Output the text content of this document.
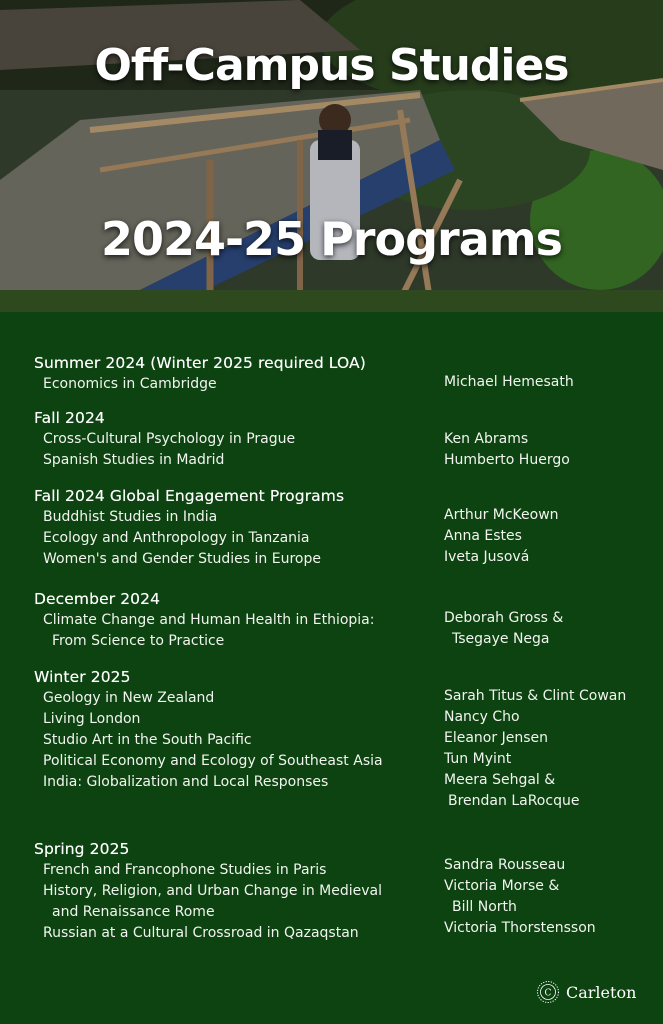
Off-Campus Studies
2024-25 Programs
Summer 2024 (Winter 2025 required LOA)
Economics in Cambridge	Michael Hemesath
Fall 2024
Cross-Cultural Psychology in Prague	Ken Abrams
Spanish Studies in Madrid	Humberto Huergo
Fall 2024 Global Engagement Programs
Buddhist Studies in India	Arthur McKeown
Ecology and Anthropology in Tanzania	Anna Estes
Women's and Gender Studies in Europe	Iveta Jusová
December 2024
Climate Change and Human Health in Ethiopia:	Deborah Gross &
From Science to Practice	Tsegaye Nega
Winter 2025
Geology in New Zealand	Sarah Titus & Clint Cowan
Living London	Nancy Cho
Studio Art in the South Pacific	Eleanor Jensen
Political Economy and Ecology of Southeast Asia	Tun Myint
India: Globalization and Local Responses	Meera Sehgal &
Brendan LaRocque
Spring 2025
French and Francophone Studies in Paris	Sandra Rousseau
History, Religion, and Urban Change in Medieval	Victoria Morse &
and Renaissance Rome	Bill North
Russian at a Cultural Crossroad in Qazaqstan	Victoria Thorstensson
C Carleton
